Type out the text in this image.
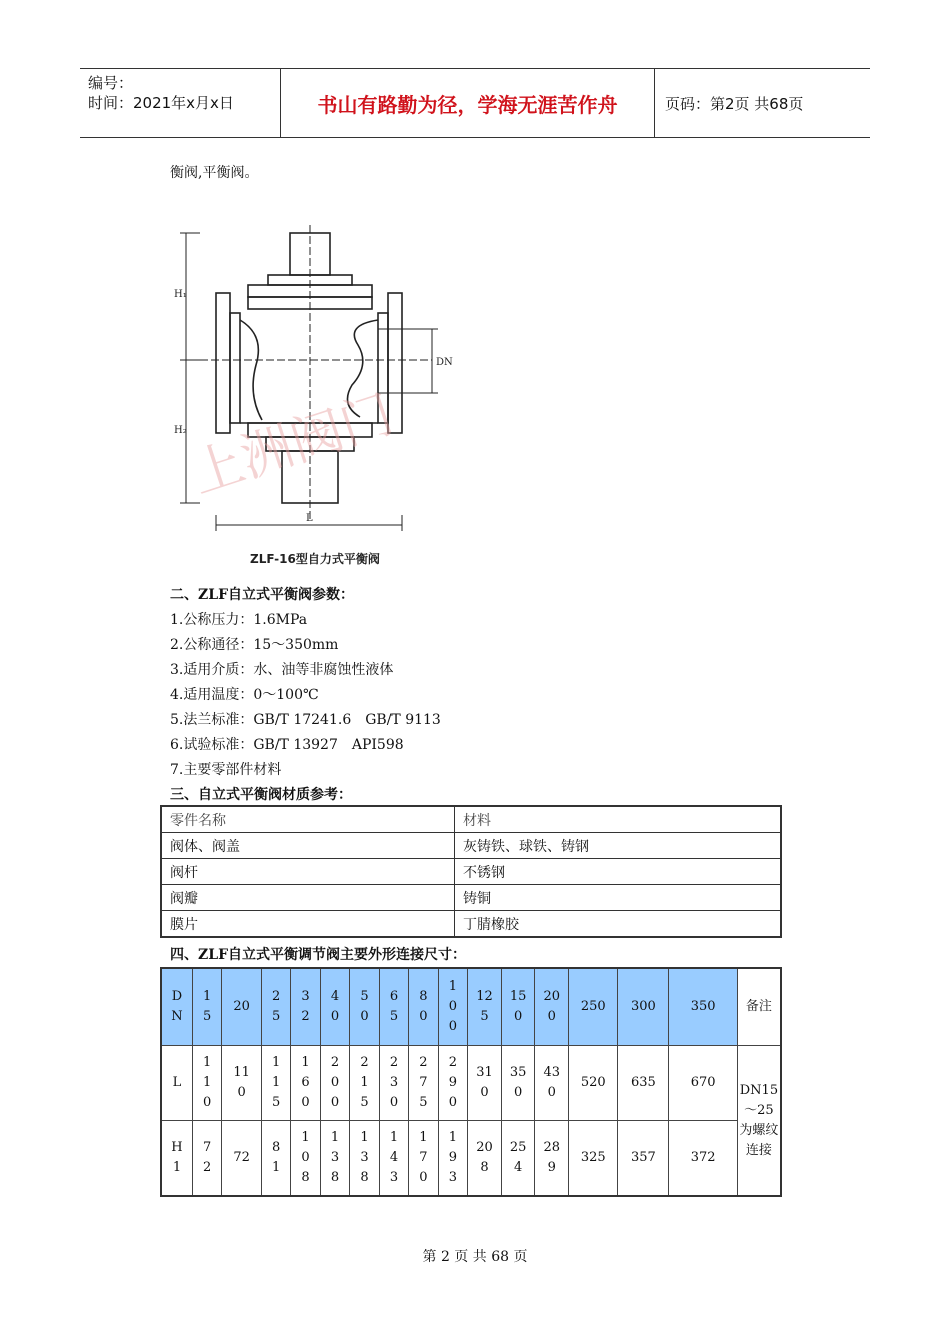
编号：
时间：2021年x月x日	书山有路勤为径，学海无涯苦作舟	页码：第2页 共68页
衡阀,平衡阀。
H₁
H₂
DN
L
上洲阀门
ZLF-16型自力式平衡阀
二、ZLF自立式平衡阀参数：
1.公称压力：1.6MPa
2.公称通径：15～350mm
3.适用介质：水、油等非腐蚀性液体
4.适用温度：0～100℃
5.法兰标准：GB/T 17241.6　GB/T 9113
6.试验标准：GB/T 13927　API598
7.主要零部件材料
三、自立式平衡阀材质参考：
零件名称	材料
阀体、阀盖	灰铸铁、球铁、铸钢
阀杆	不锈钢
阀瓣	铸铜
膜片	丁腈橡胶
四、ZLF自立式平衡调节阀主要外形连接尺寸：
DN	15	20	25	32	40	50	65	80	100	125	150	200	250	300	350	备注
L	110	110	115	160	200	215	230	275	290	310	350	430	520	635	670	DN15～25为螺纹连接
H1	72	72	81	108	138	138	143	170	193	208	254	289	325	357	372	
第 2 页 共 68 页
